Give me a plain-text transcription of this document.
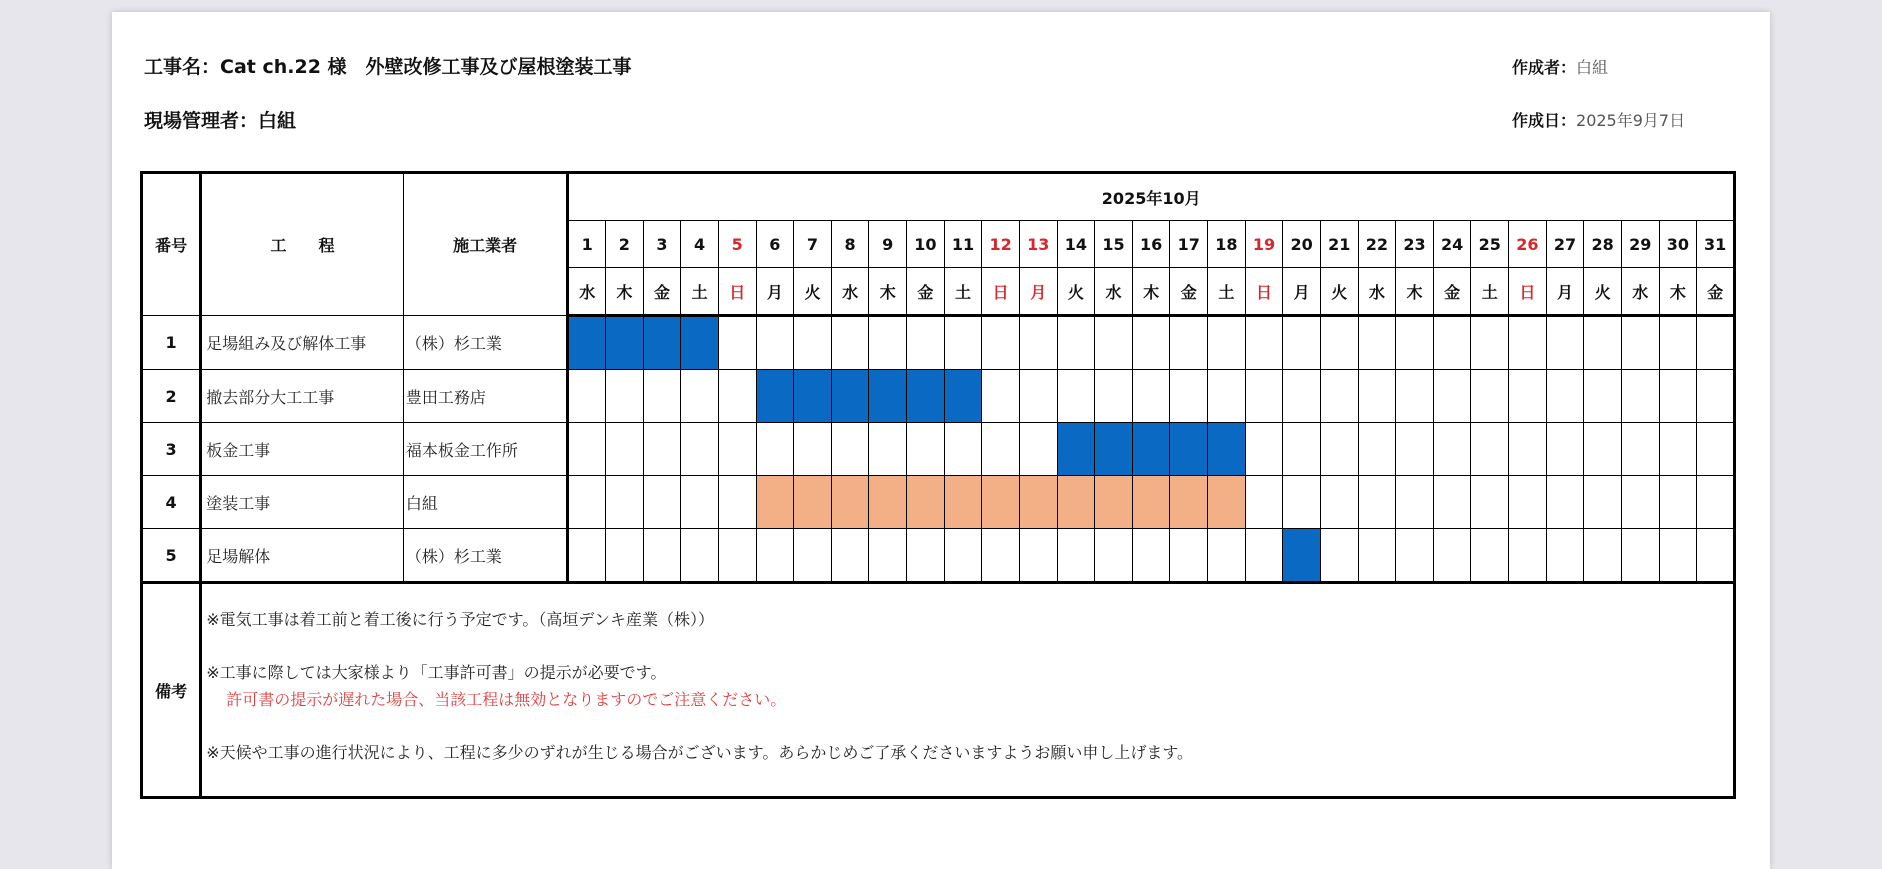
工事名：Cat ch.22 様　外壁改修工事及び屋根塗装工事
現場管理者：白組
作成者：白組
作成日：2025年9月7日
番号	工　　程	施工業者	2025年10月																														
			1	2	3	4	5	6	7	8	9	10	11	12	13	14	15	16	17	18	19	20	21	22	23	24	25	26	27	28	29	30	31
			水	木	金	土	日	月	火	水	木	金	土	日	月	火	水	木	金	土	日	月	火	水	木	金	土	日	月	火	水	木	金
1	足場組み及び解体工事	（株）杉工業																															
2	撤去部分大工工事	豊田工務店																															
3	板金工事	福本板金工作所																															
4	塗装工事	白組																															
5	足場解体	（株）杉工業																															
備考	※電気工事は着工前と着工後に行う予定です。（高垣デンキ産業（株））
※工事に際しては大家様より「工事許可書」の提示が必要です。
許可書の提示が遅れた場合、当該工程は無効となりますのでご注意ください。
※天候や工事の進行状況により、工程に多少のずれが生じる場合がございます。あらかじめご了承くださいますようお願い申し上げます。																																
